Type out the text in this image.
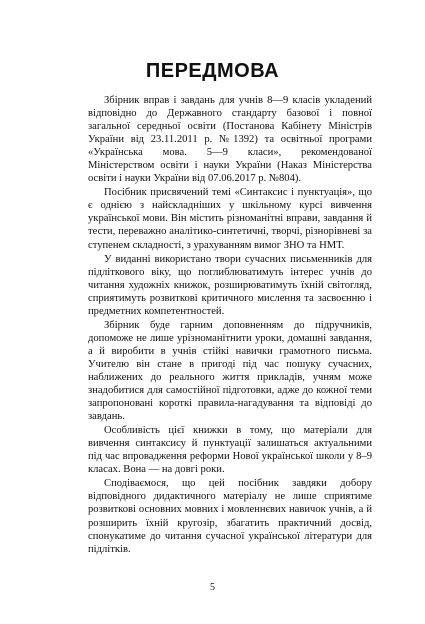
ПЕРЕДМОВА

Збірник вправ і завдань для учнів 8—9 класів укладений відповідно до Державного стандарту базової і повної загальної середньої освіти (Постанова Кабінету Міністрів України від 23.11.2011 р. №1392) та освітньої програми «Українська мова. 5—9 класи», рекомендованої Міністерством освіти і науки України (Наказ Міністерства освіти і науки України від 07.06.2017 р. №804).

Посібник присвячений темі «Синтаксис і пунктуація», що є однією з найскладніших у шкільному курсі вивчення української мови. Він містить різноманітні вправи, завдання й тести, переважно аналітико-синтетичні, творчі, різнорівневі за ступенем складності, з урахуванням вимог ЗНО та НМТ.

У виданні використано твори сучасних письменників для підліткового віку, що поглиблюватимуть інтерес учнів до читання художніх книжок, розширюватимуть їхній світогляд, сприятимуть розвиткові критичного мислення та засвоєнню і предметних компетентностей.

Збірник буде гарним доповненням до підручників, допоможе не лише урізноманітнити уроки, домашні завдання, а й виробити в учнів стійкі навички грамотного письма. Учителю він стане в пригоді під час пошуку сучасних, наближених до реального життя прикладів, учням може знадобитися для самостійної підготовки, адже до кожної теми запропоновані короткі правила-нагадування та відповіді до завдань.

Особливість цієї книжки в тому, що матеріали для вивчення синтаксису й пунктуації залишаться актуальними під час впровадження реформи Нової української школи у 8–9 класах. Вона — на довгі роки.

Сподіваємося, що цей посібник завдяки добору відповідного дидактичного матеріалу не лише сприятиме розвиткові основних мовних і мовленнєвих навичок учнів, а й розширить їхній кругозір, збагатить практичний досвід, спонукатиме до читання сучасної української літератури для підлітків.

5
